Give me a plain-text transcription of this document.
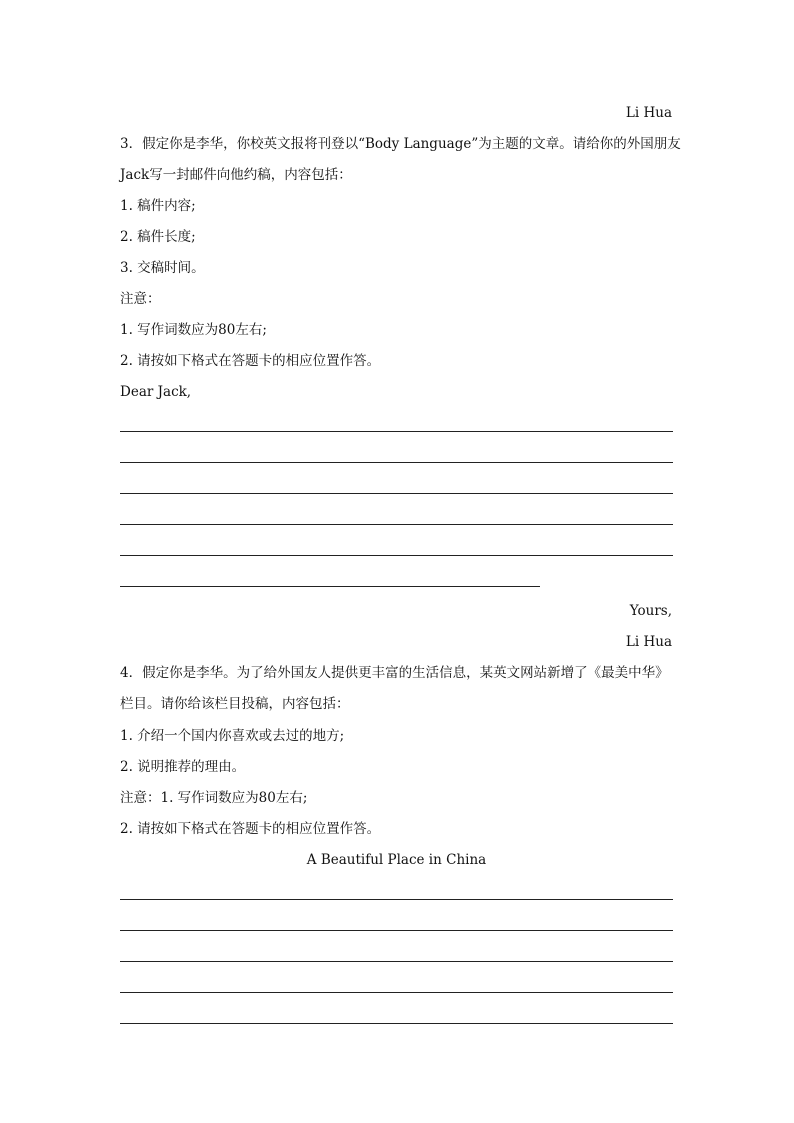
Li Hua
3．假定你是李华，你校英文报将刊登以“Body Language”为主题的文章。请给你的外国朋友
Jack写一封邮件向他约稿，内容包括：
1. 稿件内容;
2. 稿件长度;
3. 交稿时间。
注意：
1. 写作词数应为80左右;
2. 请按如下格式在答题卡的相应位置作答。
Dear Jack,
Yours,
Li Hua
4．假定你是李华。为了给外国友人提供更丰富的生活信息，某英文网站新增了《最美中华》
栏目。请你给该栏目投稿，内容包括：
1. 介绍一个国内你喜欢或去过的地方;
2. 说明推荐的理由。
注意：1. 写作词数应为80左右;
2. 请按如下格式在答题卡的相应位置作答。
A Beautiful Place in China
